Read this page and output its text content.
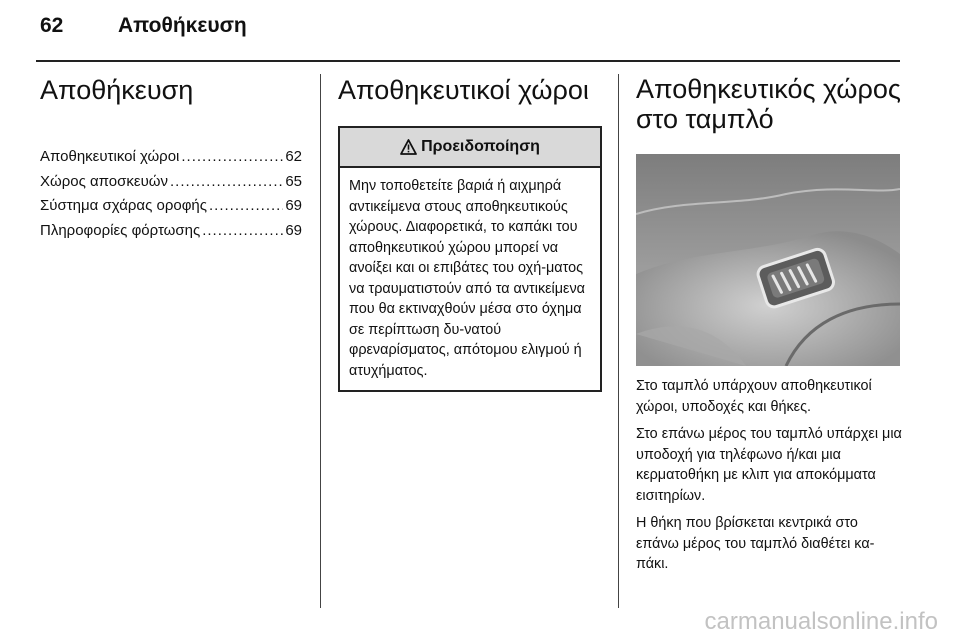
62	Αποθήκευση
Αποθήκευση
Αποθηκευτικοί χώροι .....	62
Χώρος αποσκευών .....	65
Σύστημα σχάρας οροφής .....	69
Πληροφορίες φόρτωσης .....	69
Αποθηκευτικοί χώροι
Προειδοποίηση
Μην τοποθετείτε βαριά ή αιχμηρά αντικείμενα στους αποθηκευτικούς χώρους. Διαφορετικά, το καπάκι του αποθηκευτικού χώρου μπορεί να ανοίξει και οι επιβάτες του οχή-ματος να τραυματιστούν από τα αντικείμενα που θα εκτιναχθούν μέσα στο όχημα σε περίπτωση δυ-νατού φρεναρίσματος, απότομου ελιγμού ή ατυχήματος.
Αποθηκευτικός χώρος στο ταμπλό

Στο ταμπλό υπάρχουν αποθηκευτικοί χώροι, υποδοχές και θήκες.

Στο επάνω μέρος του ταμπλό υπάρχει μια υποδοχή για τηλέφωνο ή/και μια κερματοθήκη με κλιπ για αποκόμματα εισιτηρίων.

Η θήκη που βρίσκεται κεντρικά στο επάνω μέρος του ταμπλό διαθέτει κα-πάκι.

carmanualsonline.info
